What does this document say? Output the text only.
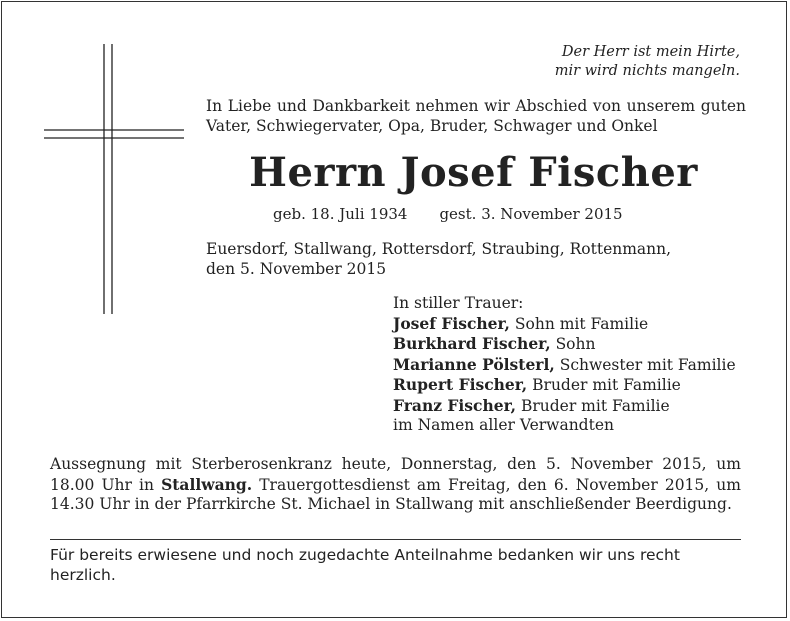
Der Herr ist mein Hirte,
mir wird nichts mangeln.
In Liebe und Dankbarkeit nehmen wir Abschied von unserem guten Vater, Schwiegervater, Opa, Bruder, Schwager und Onkel
Herrn Josef Fischer
geb. 18. Juli 1934 gest. 3. November 2015
Euersdorf, Stallwang, Rottersdorf, Straubing, Rottenmann,
den 5. November 2015
In stiller Trauer:
Josef Fischer, Sohn mit Familie
Burkhard Fischer, Sohn
Marianne Pölsterl, Schwester mit Familie
Rupert Fischer, Bruder mit Familie
Franz Fischer, Bruder mit Familie
im Namen aller Verwandten
Aussegnung mit Sterberosenkranz heute, Donnerstag, den 5. November 2015, um 18.00 Uhr in Stallwang. Trauergottesdienst am Freitag, den 6. November 2015, um 14.30 Uhr in der Pfarrkirche St. Michael in Stallwang mit anschließender Beerdigung.
Für bereits erwiesene und noch zugedachte Anteilnahme bedanken wir uns recht herzlich.
